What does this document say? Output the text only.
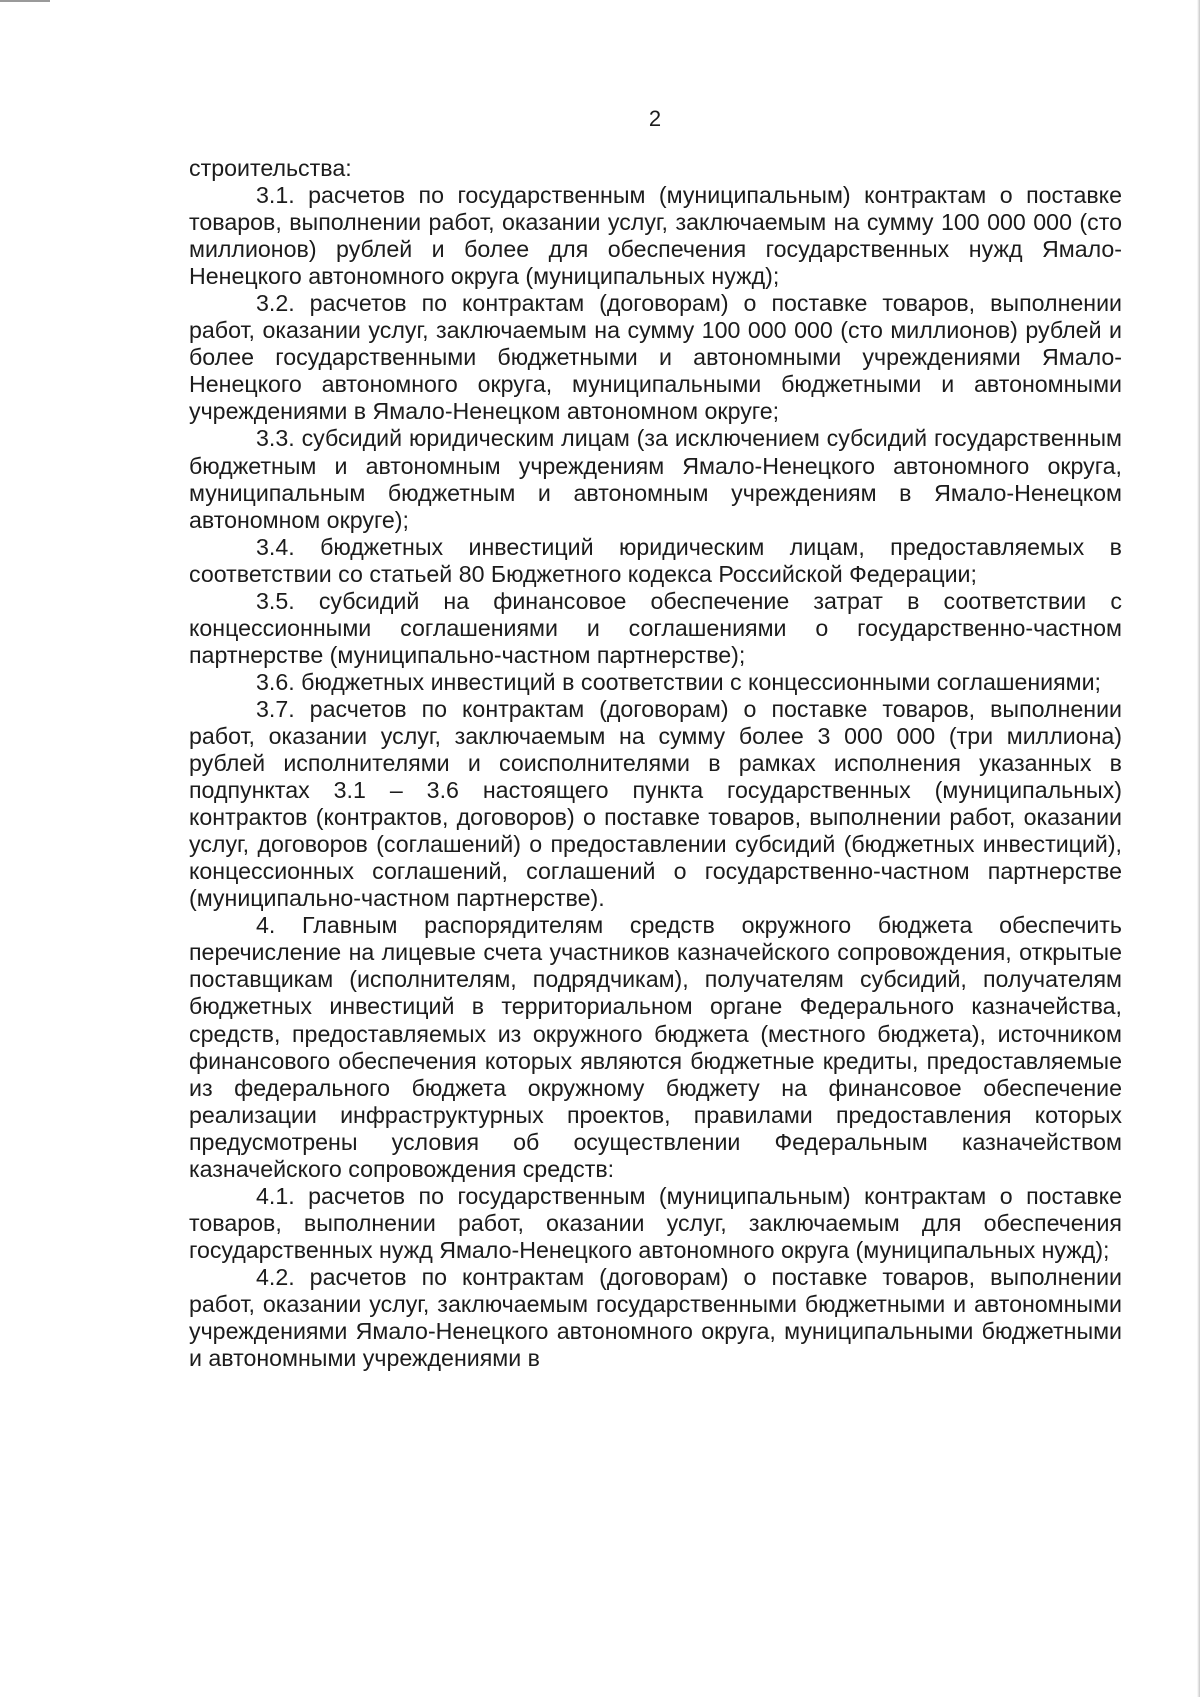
2

строительства:

3.1. расчетов по государственным (муниципальным) контрактам о поставке товаров, выполнении работ, оказании услуг, заключаемым на сумму 100 000 000 (сто миллионов) рублей и более для обеспечения государственных нужд Ямало-Ненецкого автономного округа (муниципальных нужд);

3.2. расчетов по контрактам (договорам) о поставке товаров, выполнении работ, оказании услуг, заключаемым на сумму 100 000 000 (сто миллионов) рублей и более государственными бюджетными и автономными учреждениями Ямало-Ненецкого автономного округа, муниципальными бюджетными и автономными учреждениями в Ямало-Ненецком автономном округе;

3.3. субсидий юридическим лицам (за исключением субсидий государственным бюджетным и автономным учреждениям Ямало-Ненецкого автономного округа, муниципальным бюджетным и автономным учреждениям в Ямало-Ненецком автономном округе);

3.4. бюджетных инвестиций юридическим лицам, предоставляемых в соответствии со статьей 80 Бюджетного кодекса Российской Федерации;

3.5. субсидий на финансовое обеспечение затрат в соответствии с концессионными соглашениями и соглашениями о государственно-частном партнерстве (муниципально-частном партнерстве);

3.6. бюджетных инвестиций в соответствии с концессионными соглашениями;

3.7. расчетов по контрактам (договорам) о поставке товаров, выполнении работ, оказании услуг, заключаемым на сумму более 3 000 000 (три миллиона) рублей исполнителями и соисполнителями в рамках исполнения указанных в подпунктах 3.1 – 3.6 настоящего пункта государственных (муниципальных) контрактов (контрактов, договоров) о поставке товаров, выполнении работ, оказании услуг, договоров (соглашений) о предоставлении субсидий (бюджетных инвестиций), концессионных соглашений, соглашений о государственно-частном партнерстве (муниципально-частном партнерстве).

4. Главным распорядителям средств окружного бюджета обеспечить перечисление на лицевые счета участников казначейского сопровождения, открытые поставщикам (исполнителям, подрядчикам), получателям субсидий, получателям бюджетных инвестиций в территориальном органе Федерального казначейства, средств, предоставляемых из окружного бюджета (местного бюджета), источником финансового обеспечения которых являются бюджетные кредиты, предоставляемые из федерального бюджета окружному бюджету на финансовое обеспечение реализации инфраструктурных проектов, правилами предоставления которых предусмотрены условия об осуществлении Федеральным казначейством казначейского сопровождения средств:

4.1. расчетов по государственным (муниципальным) контрактам о поставке товаров, выполнении работ, оказании услуг, заключаемым для обеспечения государственных нужд Ямало-Ненецкого автономного округа (муниципальных нужд);

4.2. расчетов по контрактам (договорам) о поставке товаров, выполнении работ, оказании услуг, заключаемым государственными бюджетными и автономными учреждениями Ямало-Ненецкого автономного округа, муниципальными бюджетными и автономными учреждениями в
